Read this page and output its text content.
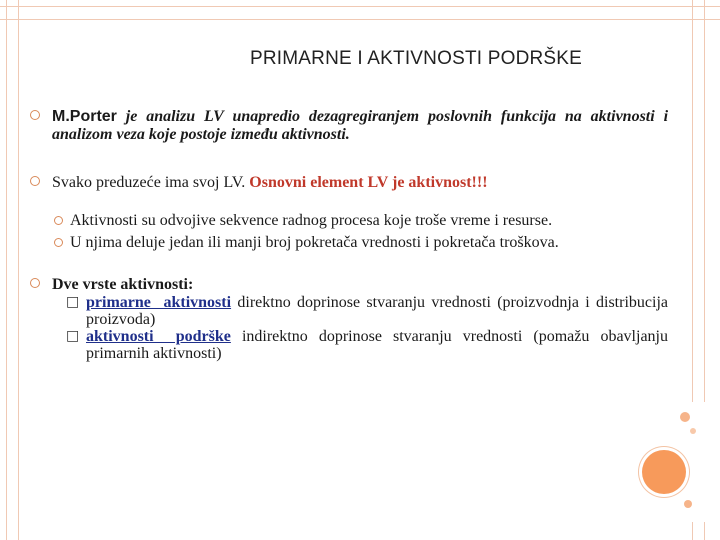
PRIMARNE I AKTIVNOSTI PODRŠKE
M.Porter je analizu LV unapredio dezagregiranjem poslovnih funkcija na aktivnosti i analizom veza koje postoje između aktivnosti.
Svako preduzeće ima svoj LV. Osnovni element LV je aktivnost!!!
Aktivnosti su odvojive sekvence radnog procesa koje troše vreme i resurse.
U njima deluje jedan ili manji broj pokretača vrednosti i pokretača troškova.
Dve vrste aktivnosti:
□ primarne  aktivnosti direktno doprinose stvaranju vrednosti (proizvodnja i distribucija proizvoda)
□ aktivnosti  podrške indirektno doprinose stvaranju vrednosti (pomažu obavljanju primarnih aktivnosti)
